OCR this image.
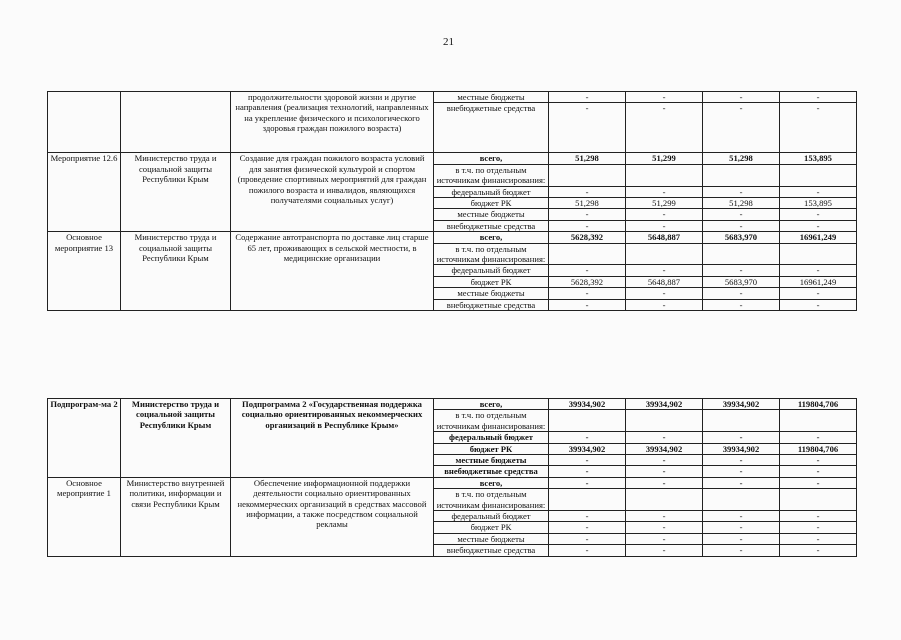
21
		продолжительности здоровой жизни и другие направления (реализация технологий, направленных на укрепление физического и психологического здоровья граждан пожилого возраста)	местные бюджеты	-	-	-	-
			внебюджетные средства	-	-	-	-
Мероприятие 12.6	Министерство труда и социальной защиты Республики Крым	Создание для граждан пожилого возраста условий для занятия физической культурой и спортом (проведение спортивных мероприятий для граждан пожилого возраста и инвалидов, являющихся получателями социальных услуг)	всего,	51,298	51,299	51,298	153,895
			в т.ч. по отдельным источникам финансирования:				
			федеральный бюджет	-	-	-	-
			бюджет РК	51,298	51,299	51,298	153,895
			местные бюджеты	-	-	-	-
			внебюджетные средства	-	-	-	-
Основное мероприятие 13	Министерство труда и социальной защиты Республики Крым	Содержание автотранспорта по доставке лиц старше 65 лет, проживающих в сельской местности, в медицинские организации	всего,	5628,392	5648,887	5683,970	16961,249
			в т.ч. по отдельным источникам финансирования:				
			федеральный бюджет	-	-	-	-
			бюджет РК	5628,392	5648,887	5683,970	16961,249
			местные бюджеты	-	-	-	-
			внебюджетные средства	-	-	-	-
Подпрограм-ма 2	Министерство труда и социальной защиты Республики Крым	Подпрограмма 2 «Государственная поддержка социально ориентированных некоммерческих организаций в Республике Крым»	всего,	39934,902	39934,902	39934,902	119804,706
			в т.ч. по отдельным источникам финансирования:				
			федеральный бюджет	-	-	-	-
			бюджет РК	39934,902	39934,902	39934,902	119804,706
			местные бюджеты	-	-	-	-
			внебюджетные средства	-	-	-	-
Основное мероприятие 1	Министерство внутренней политики, информации и связи Республики Крым	Обеспечение информационной поддержки деятельности социально ориентированных некоммерческих организаций в средствах массовой информации, а также посредством социальной рекламы	всего,	-	-	-	-
			в т.ч. по отдельным источникам финансирования:				
			федеральный бюджет	-	-	-	-
			бюджет РК	-	-	-	-
			местные бюджеты	-	-	-	-
			внебюджетные средства	-	-	-	-
